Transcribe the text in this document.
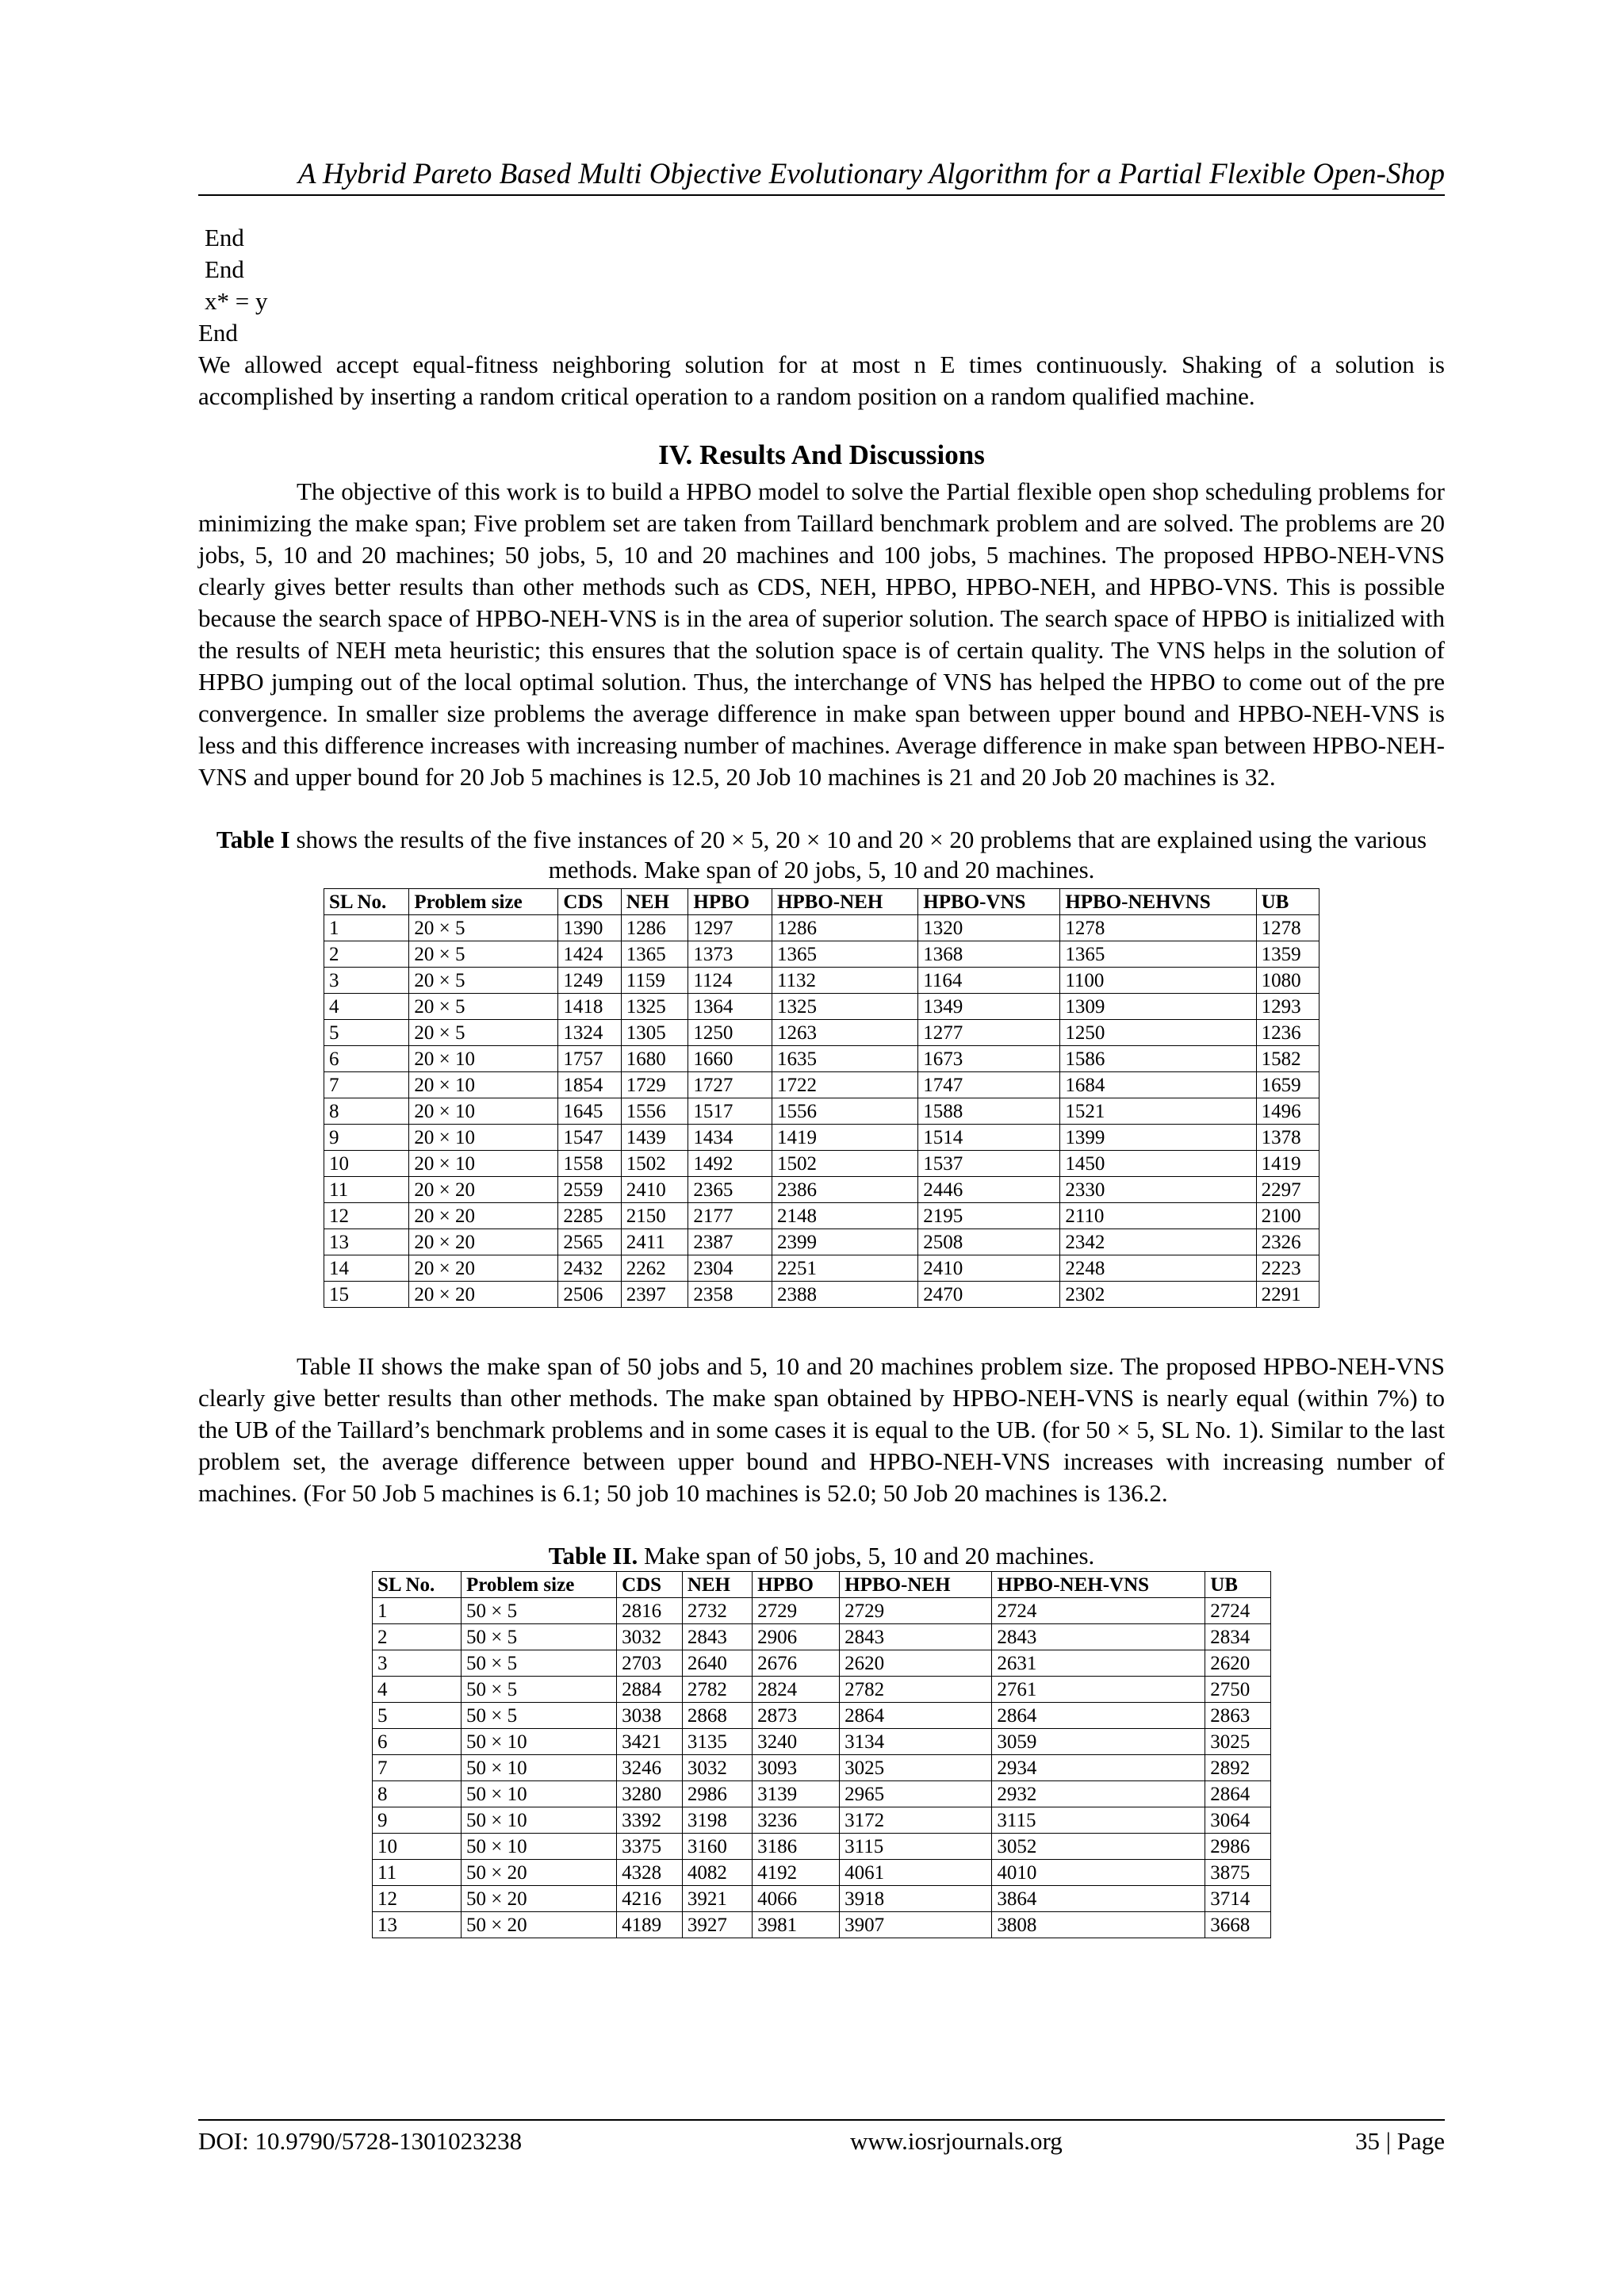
A Hybrid Pareto Based Multi Objective Evolutionary Algorithm for a Partial Flexible Open-Shop

End

End

x* = y

End

We allowed accept equal-fitness neighboring solution for at most n E times continuously. Shaking of a solution is accomplished by inserting a random critical operation to a random position on a random qualified machine.

IV. Results And Discussions

The objective of this work is to build a HPBO model to solve the Partial flexible open shop scheduling problems for minimizing the make span; Five problem set are taken from Taillard benchmark problem and are solved. The problems are 20 jobs, 5, 10 and 20 machines; 50 jobs, 5, 10 and 20 machines and 100 jobs, 5 machines. The proposed HPBO-NEH-VNS clearly gives better results than other methods such as CDS, NEH, HPBO, HPBO-NEH, and HPBO-VNS. This is possible because the search space of HPBO-NEH-VNS is in the area of superior solution. The search space of HPBO is initialized with the results of NEH meta heuristic; this ensures that the solution space is of certain quality. The VNS helps in the solution of HPBO jumping out of the local optimal solution. Thus, the interchange of VNS has helped the HPBO to come out of the pre convergence. In smaller size problems the average difference in make span between upper bound and HPBO-NEH-VNS is less and this difference increases with increasing number of machines. Average difference in make span between HPBO-NEH-VNS and upper bound for 20 Job 5 machines is 12.5, 20 Job 10 machines is 21 and 20 Job 20 machines is 32.

Table I shows the results of the five instances of 20 × 5, 20 × 10 and 20 × 20 problems that are explained using the various methods. Make span of 20 jobs, 5, 10 and 20 machines.

SL No.	Problem size	CDS	NEH	HPBO	HPBO-NEH	HPBO-VNS	HPBO-NEHVNS	UB
1	20 × 5	1390	1286	1297	1286	1320	1278	1278
2	20 × 5	1424	1365	1373	1365	1368	1365	1359
3	20 × 5	1249	1159	1124	1132	1164	1100	1080
4	20 × 5	1418	1325	1364	1325	1349	1309	1293
5	20 × 5	1324	1305	1250	1263	1277	1250	1236
6	20 × 10	1757	1680	1660	1635	1673	1586	1582
7	20 × 10	1854	1729	1727	1722	1747	1684	1659
8	20 × 10	1645	1556	1517	1556	1588	1521	1496
9	20 × 10	1547	1439	1434	1419	1514	1399	1378
10	20 × 10	1558	1502	1492	1502	1537	1450	1419
11	20 × 20	2559	2410	2365	2386	2446	2330	2297
12	20 × 20	2285	2150	2177	2148	2195	2110	2100
13	20 × 20	2565	2411	2387	2399	2508	2342	2326
14	20 × 20	2432	2262	2304	2251	2410	2248	2223
15	20 × 20	2506	2397	2358	2388	2470	2302	2291

Table II shows the make span of 50 jobs and 5, 10 and 20 machines problem size. The proposed HPBO-NEH-VNS clearly give better results than other methods. The make span obtained by HPBO-NEH-VNS is nearly equal (within 7%) to the UB of the Taillard’s benchmark problems and in some cases it is equal to the UB. (for 50 × 5, SL No. 1). Similar to the last problem set, the average difference between upper bound and HPBO-NEH-VNS increases with increasing number of machines. (For 50 Job 5 machines is 6.1; 50 job 10 machines is 52.0; 50 Job 20 machines is 136.2.

Table II. Make span of 50 jobs, 5, 10 and 20 machines.

SL No.	Problem size	CDS	NEH	HPBO	HPBO-NEH	HPBO-NEH-VNS	UB
1	50 × 5	2816	2732	2729	2729	2724	2724
2	50 × 5	3032	2843	2906	2843	2843	2834
3	50 × 5	2703	2640	2676	2620	2631	2620
4	50 × 5	2884	2782	2824	2782	2761	2750
5	50 × 5	3038	2868	2873	2864	2864	2863
6	50 × 10	3421	3135	3240	3134	3059	3025
7	50 × 10	3246	3032	3093	3025	2934	2892
8	50 × 10	3280	2986	3139	2965	2932	2864
9	50 × 10	3392	3198	3236	3172	3115	3064
10	50 × 10	3375	3160	3186	3115	3052	2986
11	50 × 20	4328	4082	4192	4061	4010	3875
12	50 × 20	4216	3921	4066	3918	3864	3714
13	50 × 20	4189	3927	3981	3907	3808	3668
DOI: 10.9790/5728-1301023238	www.iosrjournals.org	35 | Page
